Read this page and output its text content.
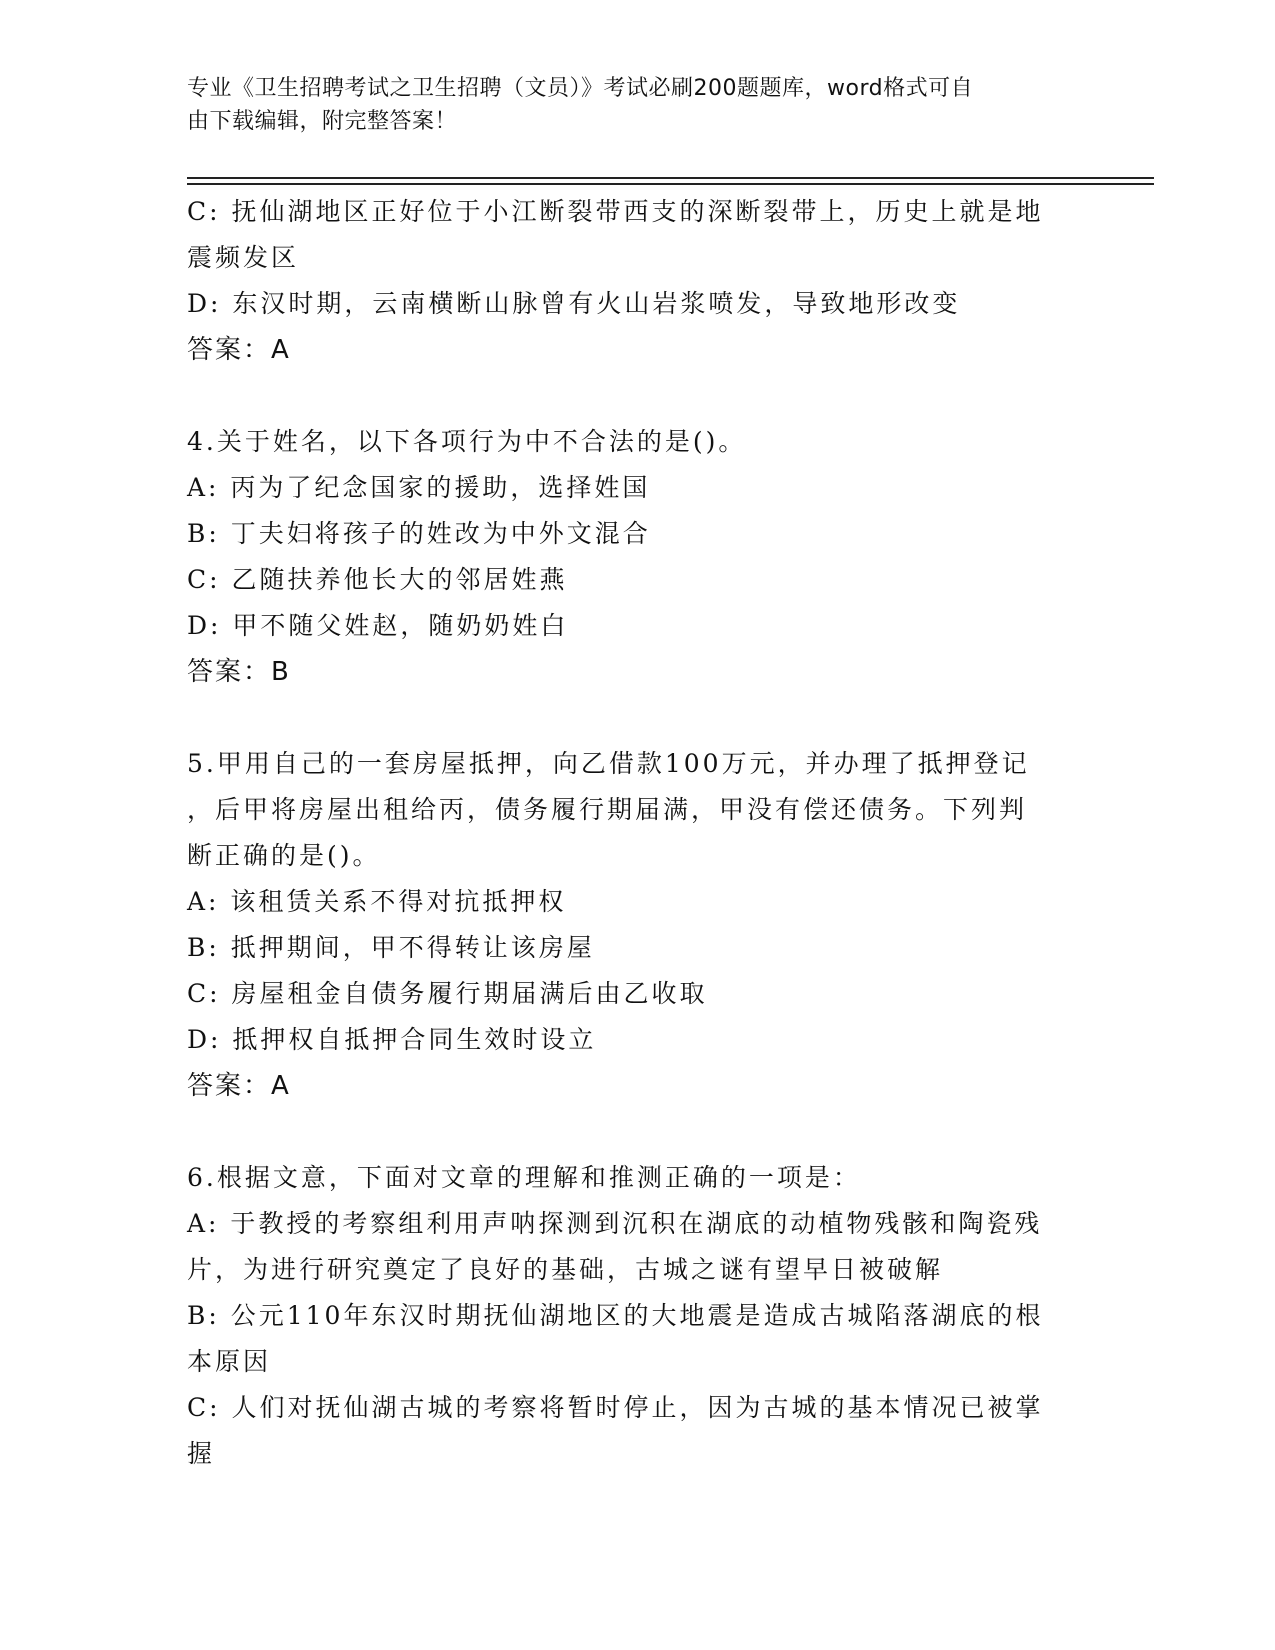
专业《卫生招聘考试之卫生招聘（文员）》考试必刷200题题库，word格式可自
由下载编辑，附完整答案！
C: 抚仙湖地区正好位于小江断裂带西支的深断裂带上，历史上就是地
震频发区
D: 东汉时期，云南横断山脉曾有火山岩浆喷发，导致地形改变
答案：A
4.关于姓名，以下各项行为中不合法的是()。
A: 丙为了纪念国家的援助，选择姓国
B: 丁夫妇将孩子的姓改为中外文混合
C: 乙随扶养他长大的邻居姓燕
D: 甲不随父姓赵，随奶奶姓白
答案：B
5.甲用自己的一套房屋抵押，向乙借款100万元，并办理了抵押登记
，后甲将房屋出租给丙，债务履行期届满，甲没有偿还债务。下列判
断正确的是()。
A: 该租赁关系不得对抗抵押权
B: 抵押期间，甲不得转让该房屋
C: 房屋租金自债务履行期届满后由乙收取
D: 抵押权自抵押合同生效时设立
答案：A
6.根据文意，下面对文章的理解和推测正确的一项是：
A: 于教授的考察组利用声呐探测到沉积在湖底的动植物残骸和陶瓷残
片，为进行研究奠定了良好的基础，古城之谜有望早日被破解
B: 公元110年东汉时期抚仙湖地区的大地震是造成古城陷落湖底的根
本原因
C: 人们对抚仙湖古城的考察将暂时停止，因为古城的基本情况已被掌
握
